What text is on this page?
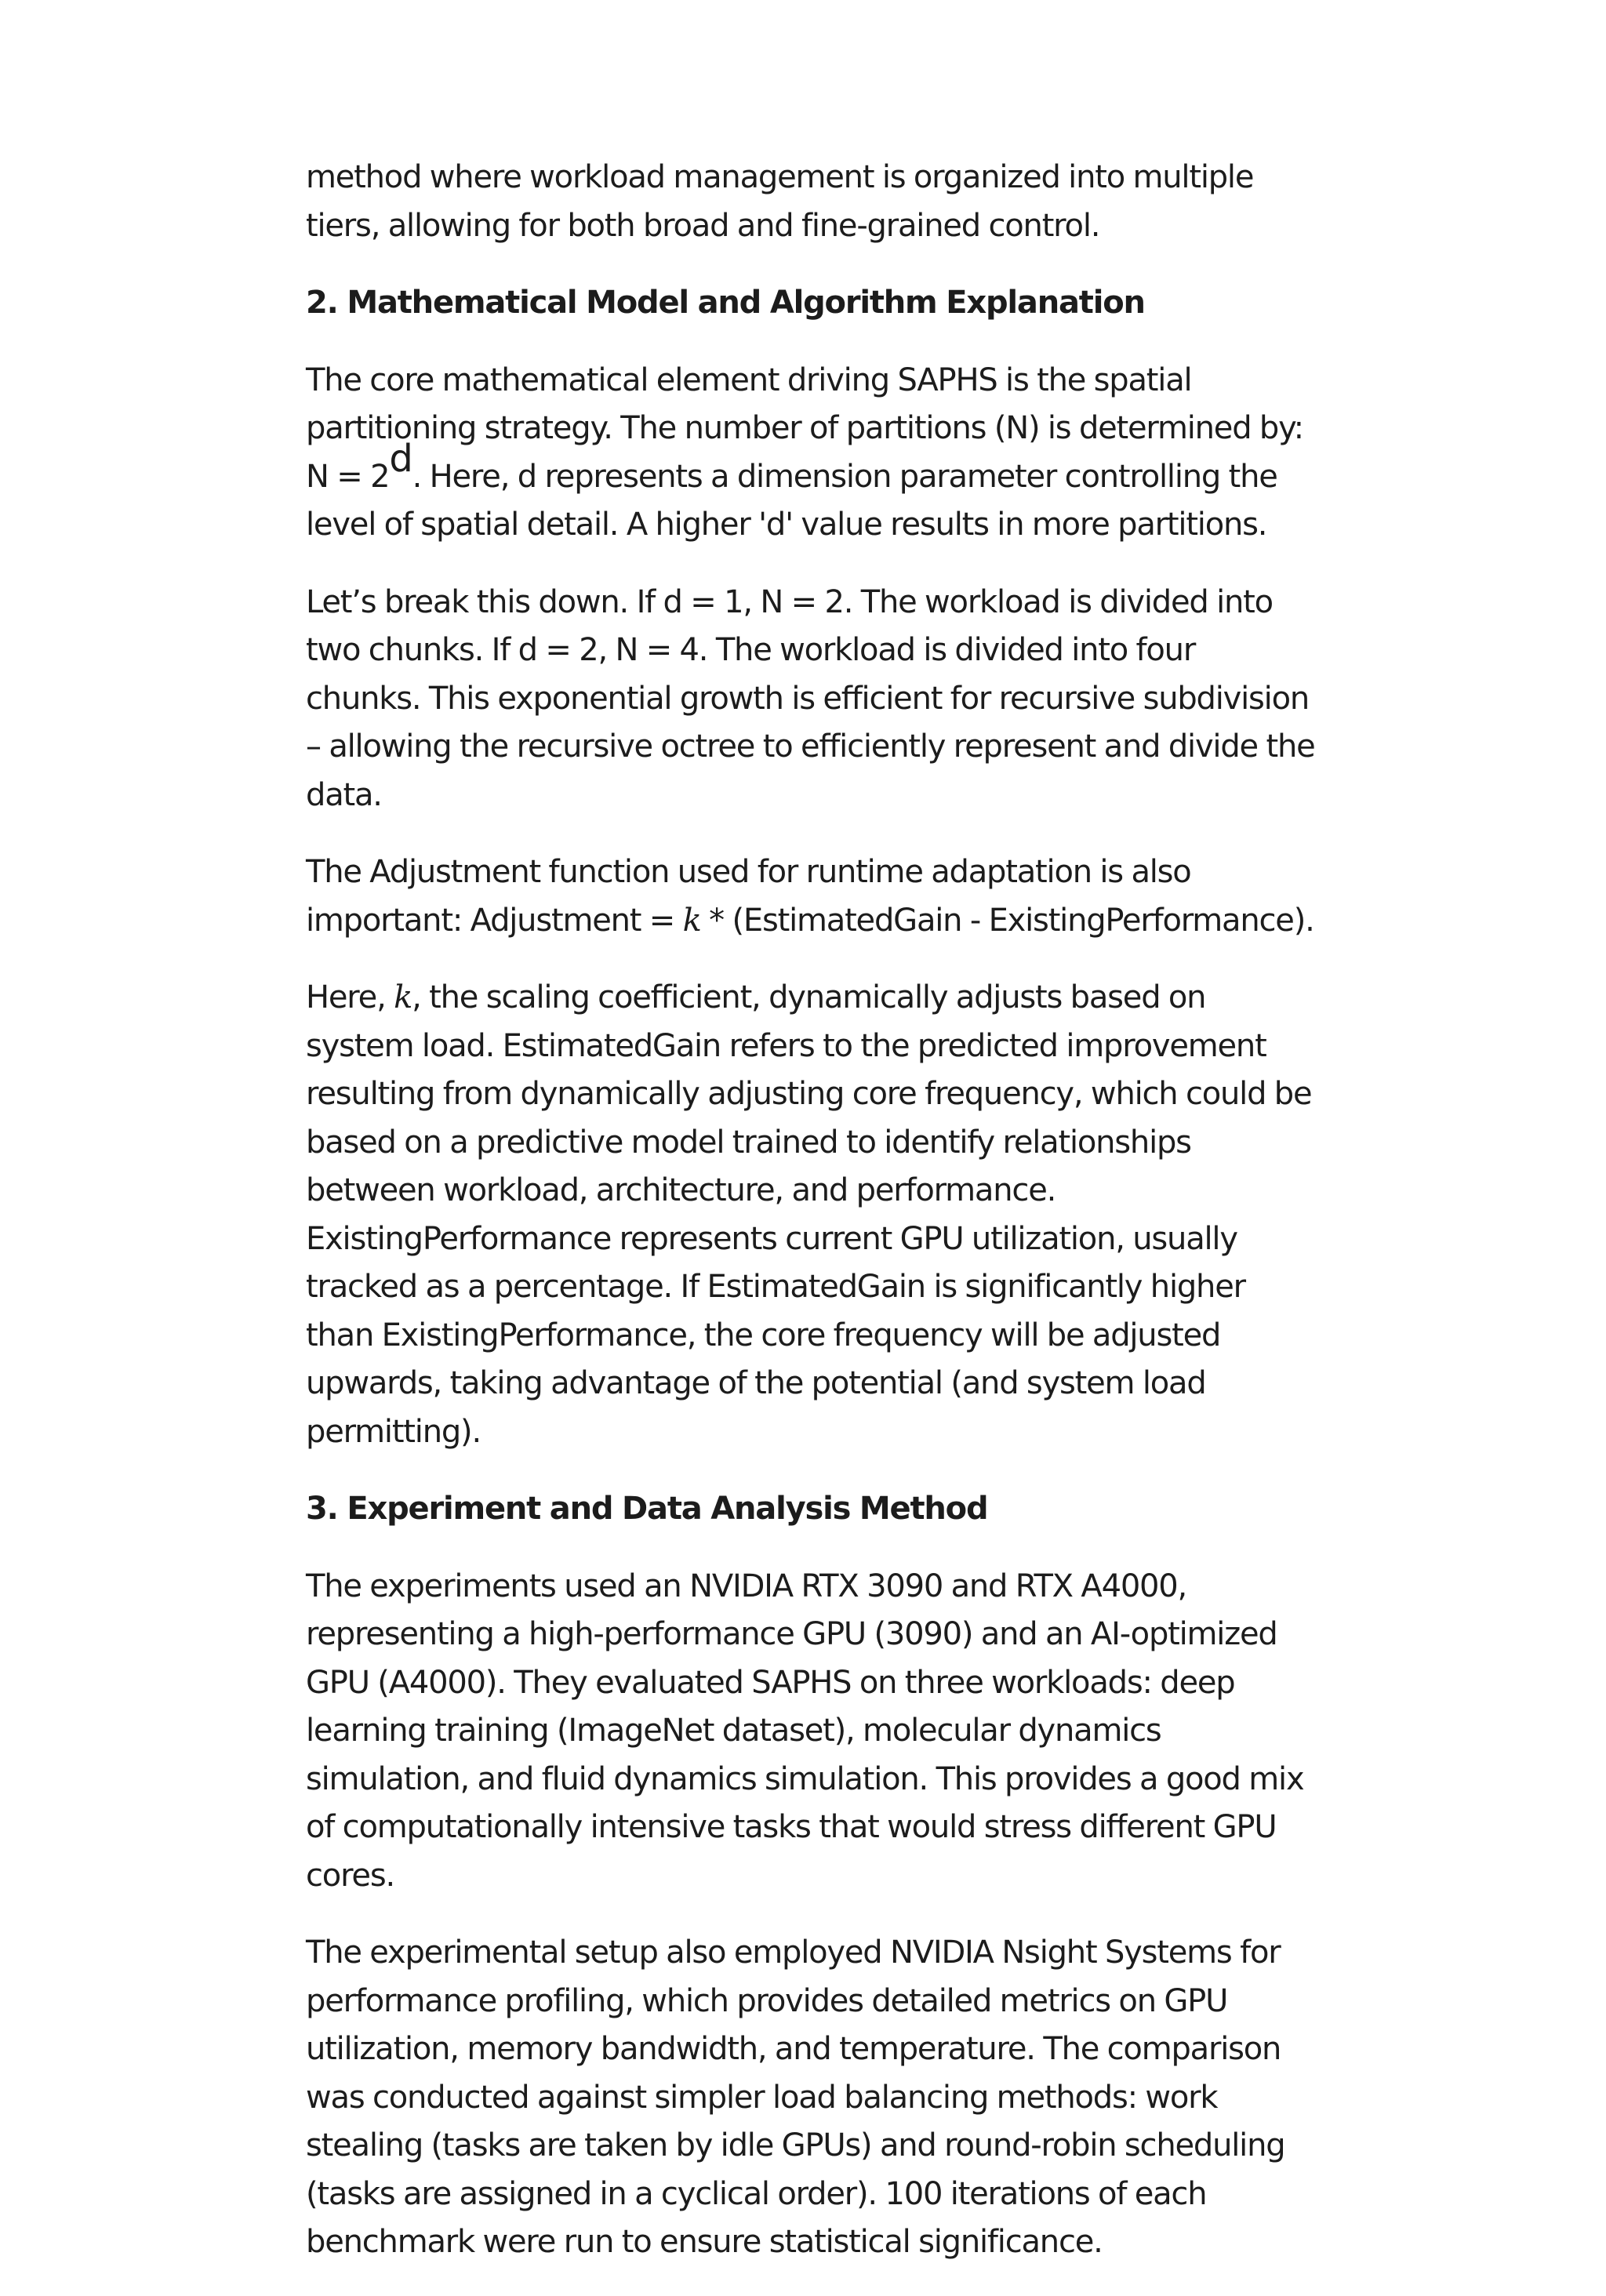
method where workload management is organized into multiple tiers, allowing for both broad and fine-grained control.

2. Mathematical Model and Algorithm Explanation

The core mathematical element driving SAPHS is the spatial partitioning strategy. The number of partitions (N) is determined by: $N = 2^d$. Here, d represents a dimension parameter controlling the level of spatial detail. A higher 'd' value results in more partitions.

Let’s break this down. If d = 1, N = 2. The workload is divided into two chunks. If d = 2, N = 4. The workload is divided into four chunks. This exponential growth is efficient for recursive subdivision – allowing the recursive octree to efficiently represent and divide the data.

The Adjustment function used for runtime adaptation is also important: Adjustment = k * (EstimatedGain - ExistingPerformance).

Here, k, the scaling coefficient, dynamically adjusts based on system load. EstimatedGain refers to the predicted improvement resulting from dynamically adjusting core frequency, which could be based on a predictive model trained to identify relationships between workload, architecture, and performance. ExistingPerformance represents current GPU utilization, usually tracked as a percentage. If EstimatedGain is significantly higher than ExistingPerformance, the core frequency will be adjusted upwards, taking advantage of the potential (and system load permitting).

3. Experiment and Data Analysis Method

The experiments used an NVIDIA RTX 3090 and RTX A4000, representing a high-performance GPU (3090) and an AI-optimized GPU (A4000). They evaluated SAPHS on three workloads: deep learning training (ImageNet dataset), molecular dynamics simulation, and fluid dynamics simulation. This provides a good mix of computationally intensive tasks that would stress different GPU cores.

The experimental setup also employed NVIDIA Nsight Systems for performance profiling, which provides detailed metrics on GPU utilization, memory bandwidth, and temperature. The comparison was conducted against simpler load balancing methods: work stealing (tasks are taken by idle GPUs) and round-robin scheduling (tasks are assigned in a cyclical order). 100 iterations of each benchmark were run to ensure statistical significance.
